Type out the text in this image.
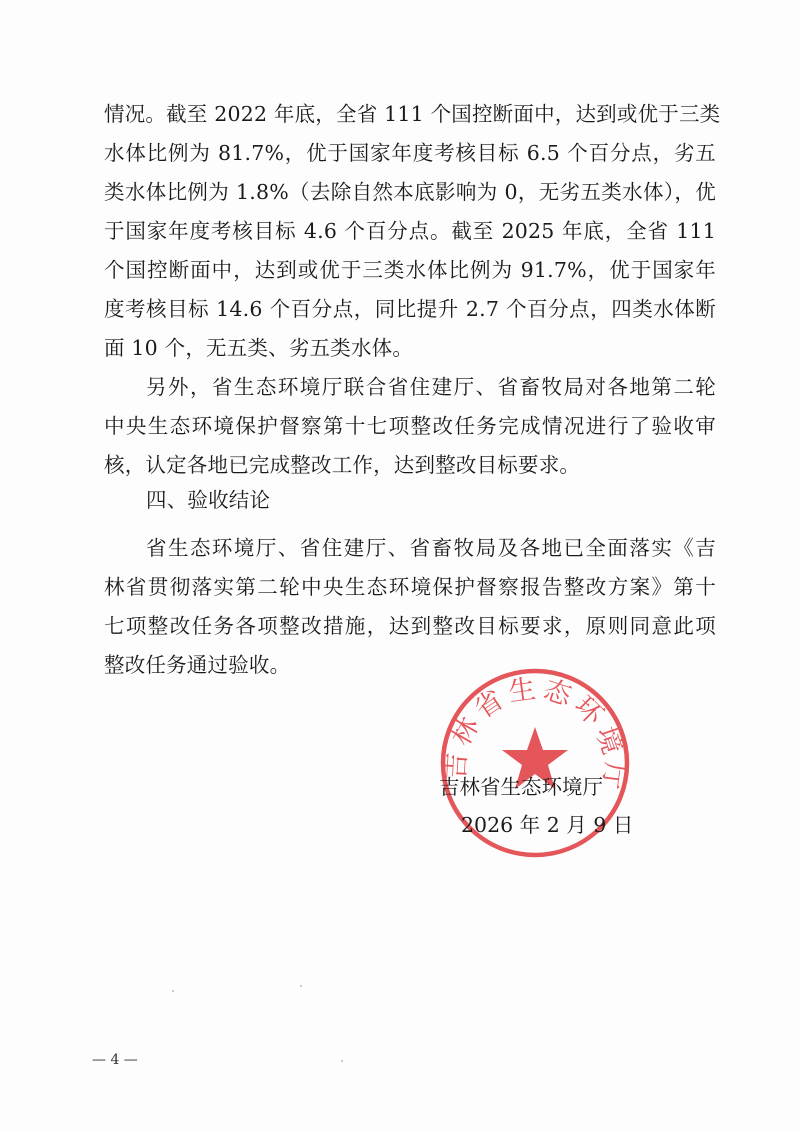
情况。截至 2022 年底，全省 111 个国控断面中，达到或优于三类
水体比例为 81.7%，优于国家年度考核目标 6.5 个百分点，劣五
类水体比例为 1.8%（去除自然本底影响为 0，无劣五类水体），优
于国家年度考核目标 4.6 个百分点。截至 2025 年底，全省 111
个国控断面中，达到或优于三类水体比例为 91.7%，优于国家年
度考核目标 14.6 个百分点，同比提升 2.7 个百分点，四类水体断
面 10 个，无五类、劣五类水体。
另外，省生态环境厅联合省住建厅、省畜牧局对各地第二轮
中央生态环境保护督察第十七项整改任务完成情况进行了验收审
核，认定各地已完成整改工作，达到整改目标要求。
四、验收结论
省生态环境厅、省住建厅、省畜牧局及各地已全面落实《吉
林省贯彻落实第二轮中央生态环境保护督察报告整改方案》第十
七项整改任务各项整改措施，达到整改目标要求，原则同意此项
整改任务通过验收。
吉林省生态环境厅
吉林省生态环境厅
2026 年 2 月 9 日
— 4 —
